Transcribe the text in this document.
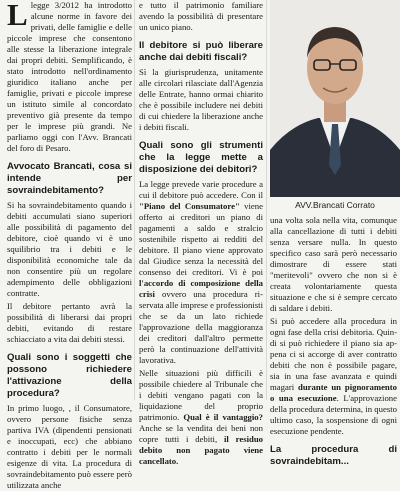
Llegge 3/2012 ha introdotto alcune norme in favore dei privati, delle famiglie e delle piccole imprese che consentono alle stesse la liberazione integrale dai propri debiti. Semplificando, è stato introdotto nell'ordinamento giuridico italiano anche per famiglie, privati e piccole imprese un istituto simile al concordato preventivo già presente da tempo per le imprese più grandi. Ne parliamo oggi con l'Avv. Brancati del foro di Pesaro.

Avvocato Brancati, cosa si intende per sovraindebitamento?

Si ha sovraindebitamento quando i debiti accumulati siano superiori alle possibilità di pagamento del debitore, cioè quando vi è uno squilibrio tra i debiti e le disponibilità economiche tale da non consentire più un regolare adempimento delle obbligazioni contratte.

Il debitore pertanto avrà la possibilità di liberarsi dai propri debiti, evitando di restare schiacciato a vita dai debiti stessi.

Quali sono i soggetti che possono richiedere l'attivazione della procedura?

In primo luogo, , il Consumatore, ovvero persone fisiche senza partiva IVA (dipendenti pensionati e inoccupati, ecc) che abbiano contratto i debiti per le normali esigenze di vita. La procedura di sovraindebitamento può essere però utilizzata anche

e tutto il patrimonio familiare avendo la possibilità di presentare un unico piano.

Il debitore si può liberare anche dai debiti fiscali?

Sì la giurisprudenza, unitamente alle circolari rilasciate dall'Agenzia delle Entrate, hanno ormai chiarito che è possibile includere nei debiti di cui chiedere la liberazione anche i debiti fiscali.

Quali sono gli strumenti che la legge mette a disposizione dei debitori?

La legge prevede varie procedure a cui il debitore può accedere. Con il "Piano del Consumatore" viene offerto ai creditori un piano di pagamenti a saldo e stralcio sostenibile rispetto ai redditi del debitore. Il piano viene approvato dal Giudice senza la necessità del consenso dei creditori. Vi è poi l'accordo di composizione della crisi ovvero una procedura riservata alle imprese e professionisti che se da un lato richiede l'approvazione della maggioranza dei creditori dall'altro permette però la continuazione dell'attività lavorativa.

Nelle situazioni più difficili è possibile chiedere al Tribunale che i debiti vengano pagati con la liquidazione del proprio patrimonio. Qual è il vantaggio? Anche se la vendita dei beni non copre tutti i debiti, il residuo debito non pagato viene cancellato.

AVV.Brancati Corrato

una volta sola nella vita, comunque alla cancellazione di tutti i debiti senza versare nulla. In questo specifico caso sarà però necessario dimostrare di essere stati "meritevoli" ovvero che non si è creata volontariamente questa situazione e che si è sempre cercato di saldare i debiti.

Si può accedere alla procedura in ogni fase della crisi debitoria. Quindi si può richiedere il piano sia appena ci si accorge di aver contratto debiti che non è possibile pagare, sia in una fase avanzata e quindi magari durante un pignoramento o una esecuzione. L'approvazione della procedura determina, in questo ultimo caso, la sospensione di ogni esecuzione pendente.

La procedura di sovraindebitam...
